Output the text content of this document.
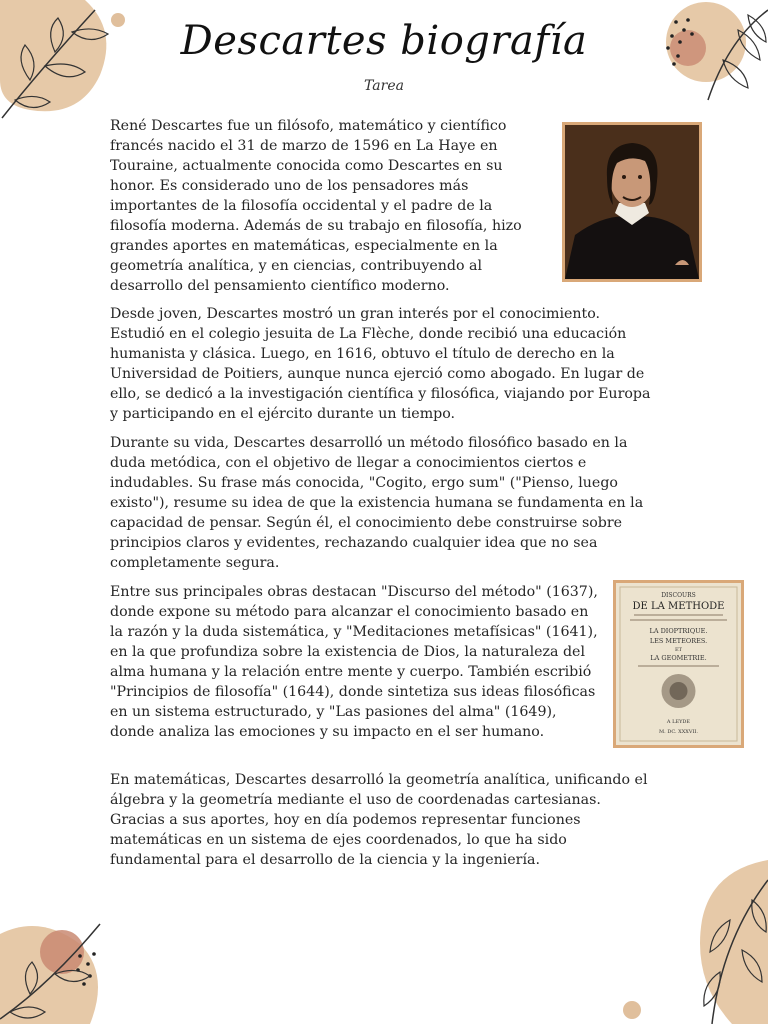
Descartes biografía
Tarea

René Descartes fue un filósofo, matemático y científico francés nacido el 31 de marzo de 1596 en La Haye en Touraine, actualmente conocida como Descartes en su honor. Es considerado uno de los pensadores más importantes de la filosofía occidental y el padre de la filosofía moderna. Además de su trabajo en filosofía, hizo grandes aportes en matemáticas, especialmente en la geometría analítica, y en ciencias, contribuyendo al desarrollo del pensamiento científico moderno.

Desde joven, Descartes mostró un gran interés por el conocimiento. Estudió en el colegio jesuita de La Flèche, donde recibió una educación humanista y clásica. Luego, en 1616, obtuvo el título de derecho en la Universidad de Poitiers, aunque nunca ejerció como abogado. En lugar de ello, se dedicó a la investigación científica y filosófica, viajando por Europa y participando en el ejército durante un tiempo.

Durante su vida, Descartes desarrolló un método filosófico basado en la duda metódica, con el objetivo de llegar a conocimientos ciertos e indudables. Su frase más conocida, "Cogito, ergo sum" ("Pienso, luego existo"), resume su idea de que la existencia humana se fundamenta en la capacidad de pensar. Según él, el conocimiento debe construirse sobre principios claros y evidentes, rechazando cualquier idea que no sea completamente segura.

Entre sus principales obras destacan "Discurso del método" (1637), donde expone su método para alcanzar el conocimiento basado en la razón y la duda sistemática, y "Meditaciones metafísicas" (1641), en la que profundiza sobre la existencia de Dios, la naturaleza del alma humana y la relación entre mente y cuerpo. También escribió "Principios de filosofía" (1644), donde sintetiza sus ideas filosóficas en un sistema estructurado, y "Las pasiones del alma" (1649), donde analiza las emociones y su impacto en el ser humano.

En matemáticas, Descartes desarrolló la geometría analítica, unificando el álgebra y la geometría mediante el uso de coordenadas cartesianas. Gracias a sus aportes, hoy en día podemos representar funciones matemáticas en un sistema de ejes coordenados, lo que ha sido fundamental para el desarrollo de la ciencia y la ingeniería.

DISCOURS
DE LA METHODE
LA DIOPTRIQUE.
LES METEORES.
ET
LA GEOMETRIE.
A LEYDE
M. DC. XXXVII.
